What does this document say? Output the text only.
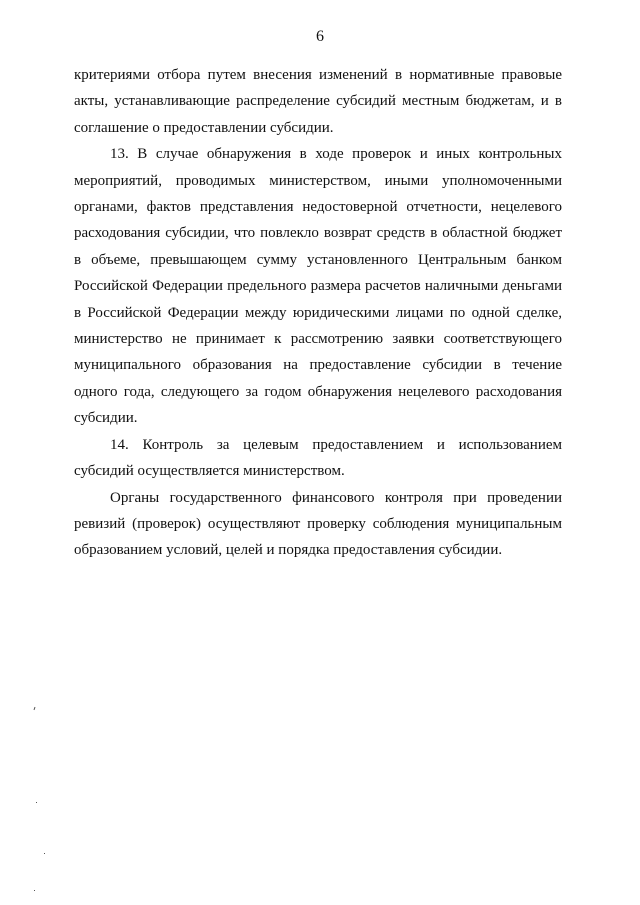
6

критериями отбора путем внесения изменений в нормативные правовые акты, устанавливающие распределение субсидий местным бюджетам, и в соглашение о предоставлении субсидии.

13. В случае обнаружения в ходе проверок и иных контрольных мероприятий, проводимых министерством, иными уполномоченными органами, фактов представления недостоверной отчетности, нецелевого расходования субсидии, что повлекло возврат средств в областной бюджет в объеме, превышающем сумму установленного Центральным банком Российской Федерации предельного размера расчетов наличными деньгами в Российской Федерации между юридическими лицами по одной сделке, министерство не принимает к рассмотрению заявки соответствующего муниципального образования на предоставление субсидии в течение одного года, следующего за годом обнаружения нецелевого расходования субсидии.

14. Контроль за целевым предоставлением и использованием субсидий осуществляется министерством.

Органы государственного финансового контроля при проведении ревизий (проверок) осуществляют проверку соблюдения муниципальным образованием условий, целей и порядка предоставления субсидии.
